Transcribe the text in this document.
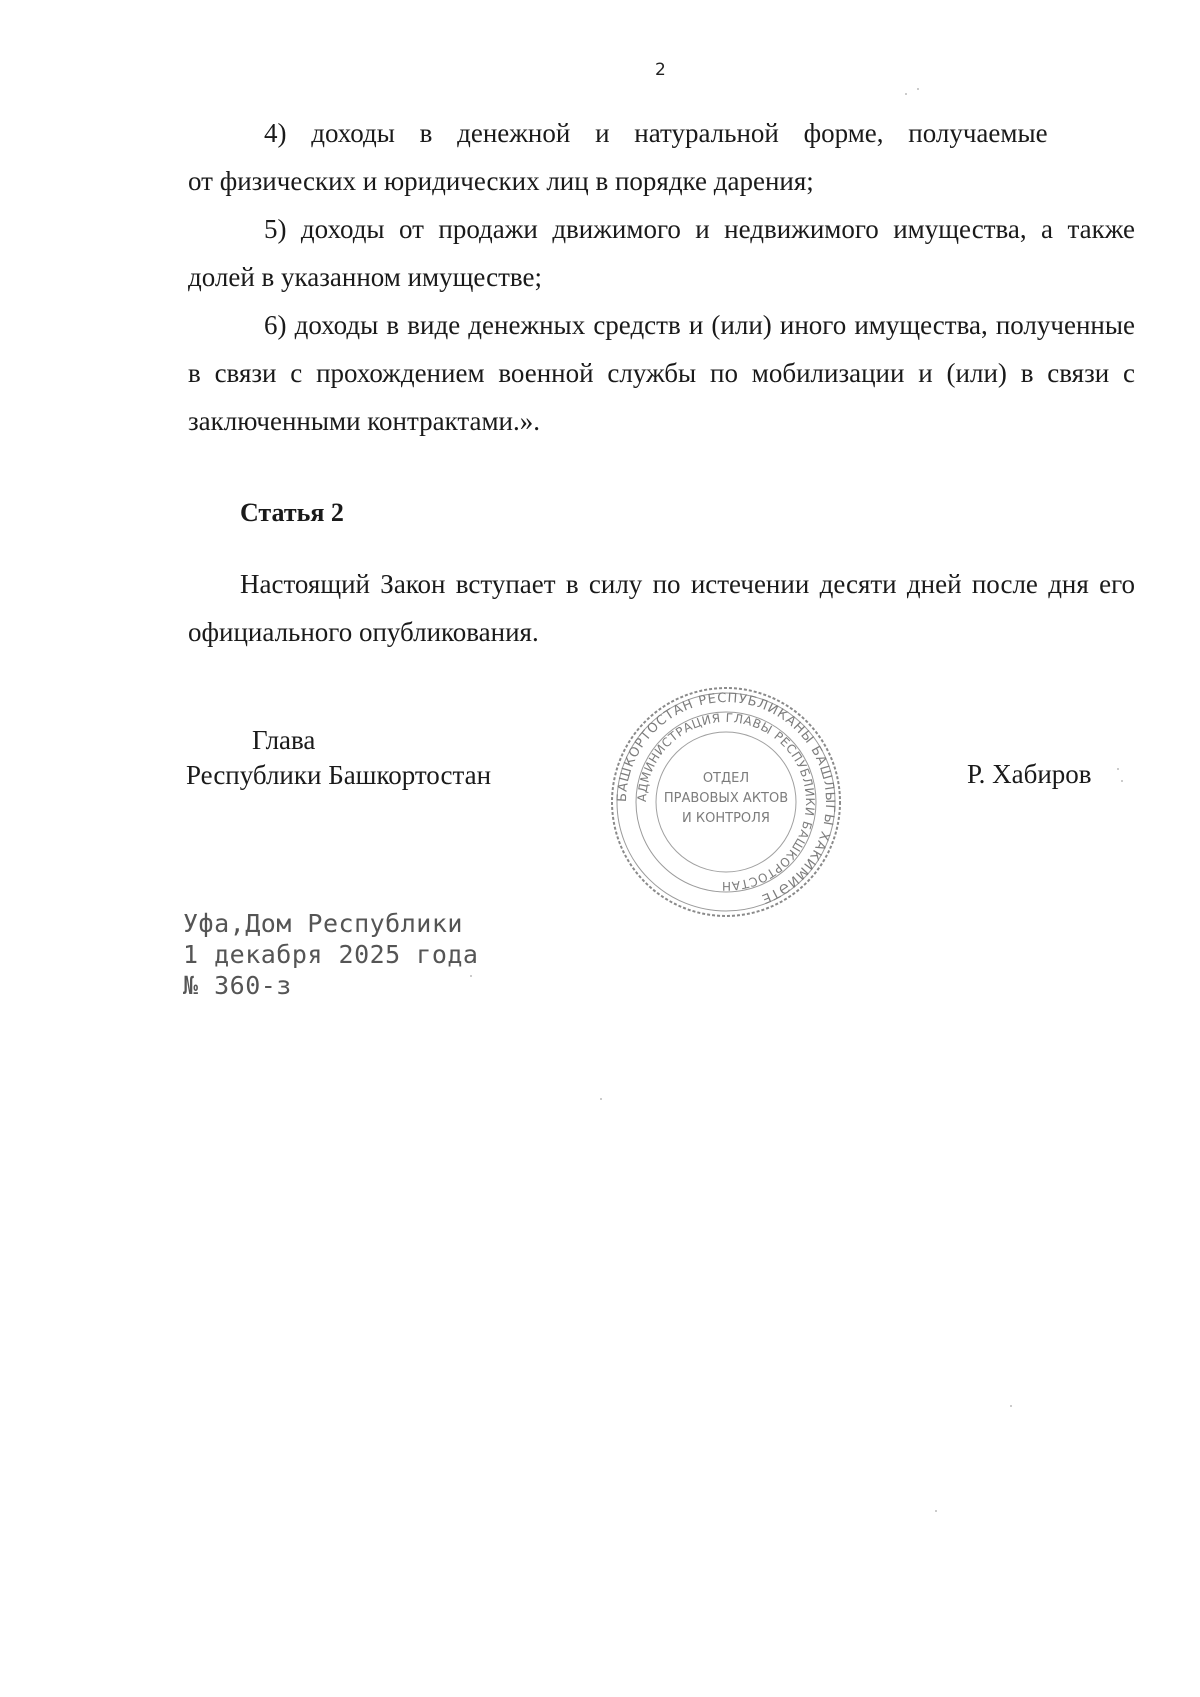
2
4) доходы в денежной и натуральной форме, получаемые
от физических и юридических лиц в порядке дарения;
5) доходы от продажи движимого и недвижимого имущества, а также долей в указанном имуществе;
6) доходы в виде денежных средств и (или) иного имущества, полученные в связи с прохождением военной службы по мобилизации и (или) в связи с заключенными контрактами.».
Статья 2
Настоящий Закон вступает в силу по истечении десяти дней после дня его официального опубликования.
Глава
Республики Башкортостан
БАШКОРТОСТАН РЕСПУБЛИКАHЫ БАШЛЫГЫ ХАКИМИӘТЕ
АДМИНИСТРАЦИЯ ГЛАВЫ РЕСПУБЛИКИ БАШКОРТОСТАН
ОТДЕЛ
ПРАВОВЫХ АКТОВ
И КОНТРОЛЯ
Р. Хабиров
Уфа,Дом Республики
1 декабря 2025 года
№ 360-з
